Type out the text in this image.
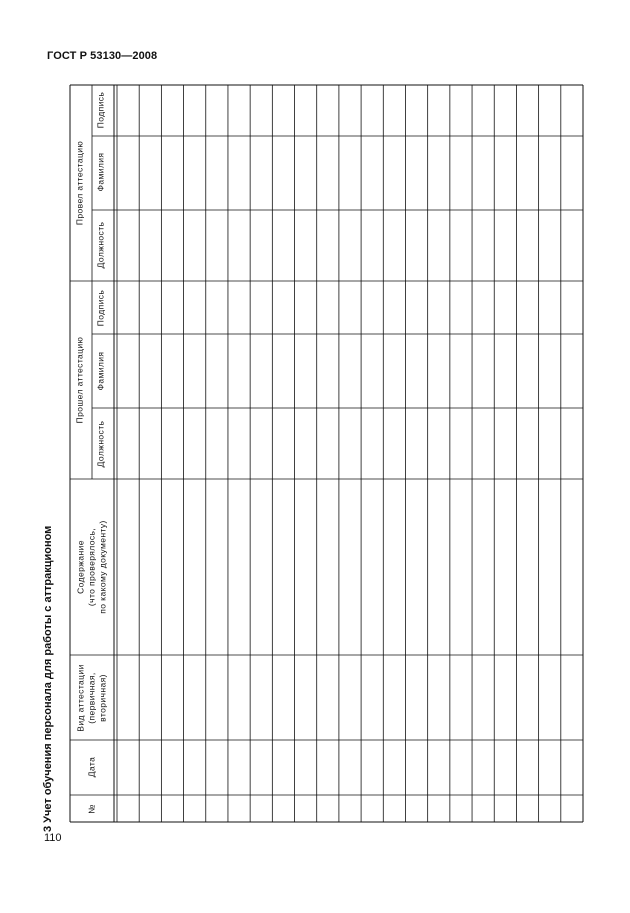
ГОСТ Р 53130—2008
3 Учет обучения персонала для работы с аттракционом
110
№
Дата
Вид аттестации (первичная, вторичная)
Содержание (что проверялось, по какому документу)
Прошел аттестацию
Должность
Фамилия
Подпись
Провел аттестацию
Должность
Фамилия
Подпись
